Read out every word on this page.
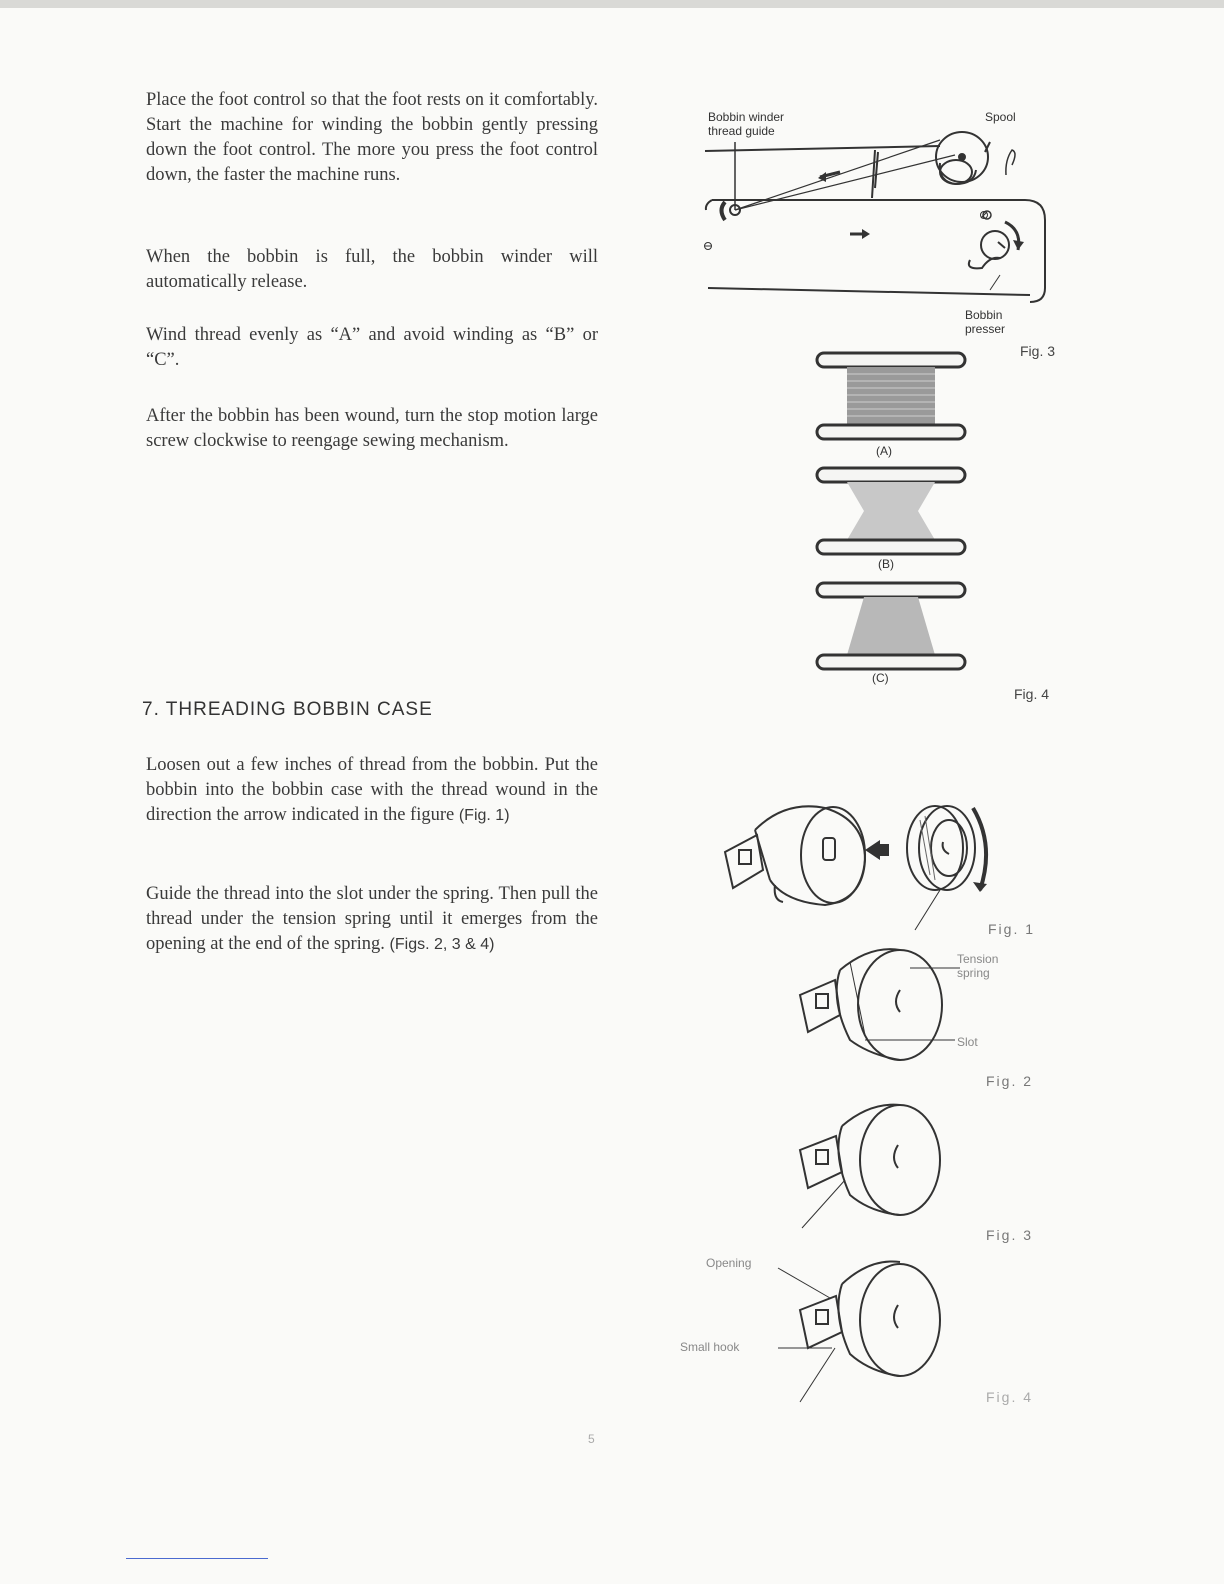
Place the foot control so that the foot rests on it comfortably. Start the machine for winding the bobbin gently pressing down the foot control. The more you press the foot control down, the faster the machine runs.

When the bobbin is full, the bobbin winder will automatically release.

Wind thread evenly as “A” and avoid winding as “B” or “C”.

After the bobbin has been wound, turn the stop motion large screw clockwise to reengage sewing mechanism.

7. THREADING BOBBIN CASE

Loosen out a few inches of thread from the bobbin. Put the bobbin into the bobbin case with the thread wound in the direction the arrow indicated in the figure (Fig. 1)

Guide the thread into the slot under the spring. Then pull the thread under the tension spring until it emerges from the opening at the end of the spring. (Figs. 2, 3 & 4)

Bobbin winder
thread guide
Spool
Bobbin
presser
Fig. 3
(A)
(B)
(C)
Fig. 4
Fig. 1
Tension
spring
Slot
Fig. 2
Fig. 3
Opening
Small hook
Fig. 4
5
